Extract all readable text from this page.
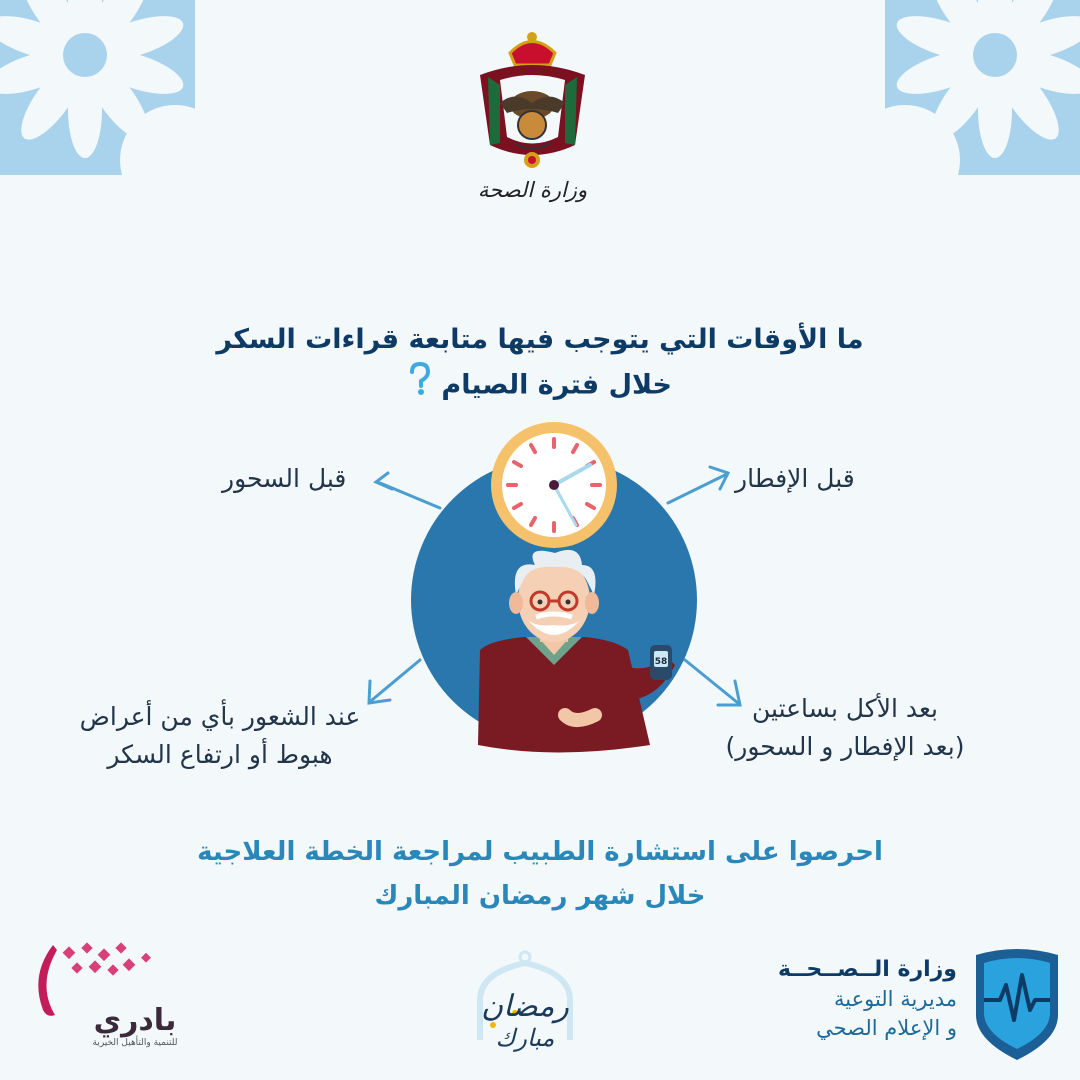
وزارة الصحة
ما الأوقات التي يتوجب فيها متابعة قراءات السكر
خلال فترة الصيام
58
قبل الإفطار
قبل السحور
بعد الأكل بساعتين
(بعد الإفطار و السحور)
عند الشعور بأي من أعراض
هبوط أو ارتفاع السكر
احرصوا على استشارة الطبيب لمراجعة الخطة العلاجية
خلال شهر رمضان المبارك
بادري
للتنمية والتأهيل الخيرية
رمضان
مبارك
وزارة الــصــحــة
مديرية التوعية
و الإعلام الصحي
